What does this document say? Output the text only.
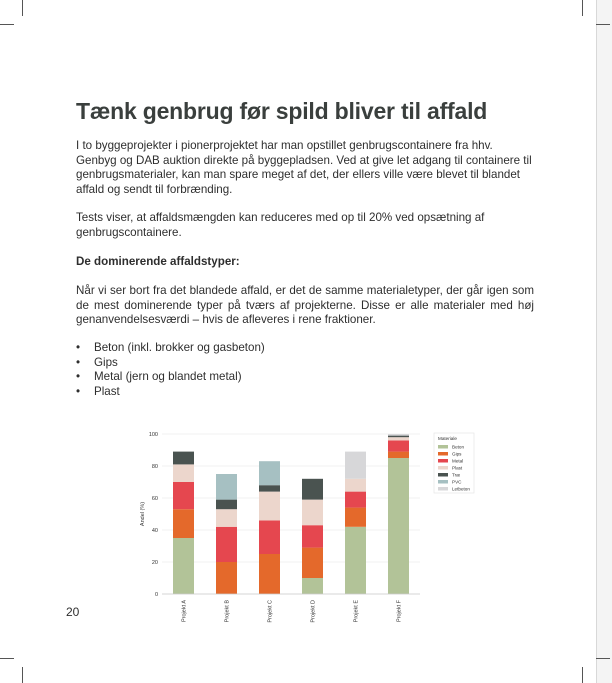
Tænk genbrug før spild bliver til affald

I to byggeprojekter i pionerprojektet har man opstillet genbrugscontainere fra hhv. Genbyg og DAB auktion direkte på byggepladsen. Ved at give let adgang til containere til genbrugsmaterialer, kan man spare meget af det, der ellers ville være blevet til blandet affald og sendt til forbrænding.

Tests viser, at affaldsmængden kan reduceres med op til 20% ved opsætning af genbrugscontainere.

De dominerende affaldstyper:

Når vi ser bort fra det blandede affald, er det de samme materialetyper, der går igen som de mest dominerende typer på tværs af projekterne. Disse er alle materialer med høj genanvendelsesværdi – hvis de afleveres i rene fraktioner.

• Beton (inkl. brokker og gasbeton)
• Gips
• Metal (jern og blandet metal)
• Plast
0
20
40
60
80
100
Andel (%)
Projekt A	Projekt B	Projekt C	Projekt D	Projekt E	Projekt F
Materiale
Beton
Gips
Metal
Plast
Træ
PVC
Letbeton
20
